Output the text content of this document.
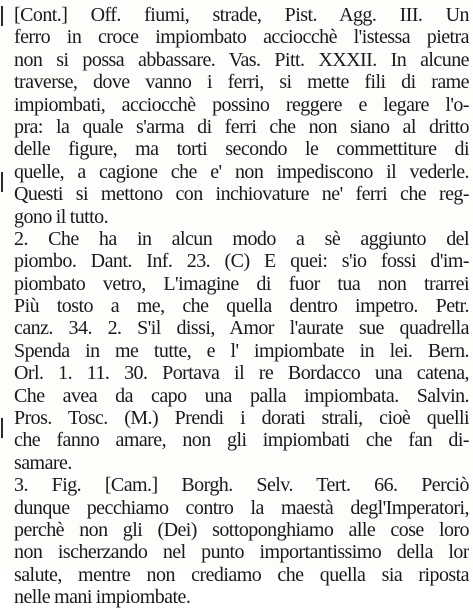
[Cont.] Off. fiumi, strade, Pist. Agg. III. Un
ferro in croce impiombato acciocchè l'istessa pietra
non si possa abbassare. Vas. Pitt. XXXII. In alcune
traverse, dove vanno i ferri, si mette fili di rame
impiombati, acciocchè possino reggere e legare l'o-
pra: la quale s'arma di ferri che non siano al dritto
delle figure, ma torti secondo le commettiture di
quelle, a cagione che e' non impediscono il vederle.
Questi si mettono con inchiovature ne' ferri che reg-
gono il tutto.
2. Che ha in alcun modo a sè aggiunto del
piombo. Dant. Inf. 23. (C) E quei: s'io fossi d'im-
piombato vetro, L'imagine di fuor tua non trarrei
Più tosto a me, che quella dentro impetro. Petr.
canz. 34. 2. S'il dissi, Amor l'aurate sue quadrella
Spenda in me tutte, e l' impiombate in lei. Bern.
Orl. 1. 11. 30. Portava il re Bordacco una catena,
Che avea da capo una palla impiombata. Salvin.
Pros. Tosc. (M.) Prendi i dorati strali, cioè quelli
che fanno amare, non gli impiombati che fan di-
samare.
3. Fig. [Cam.] Borgh. Selv. Tert. 66. Perciò
dunque pecchiamo contro la maestà degl'Imperatori,
perchè non gli (Dei) sottoponghiamo alle cose loro
non ischerzando nel punto importantissimo della lor
salute, mentre non crediamo che quella sia riposta
nelle mani impiombate.
